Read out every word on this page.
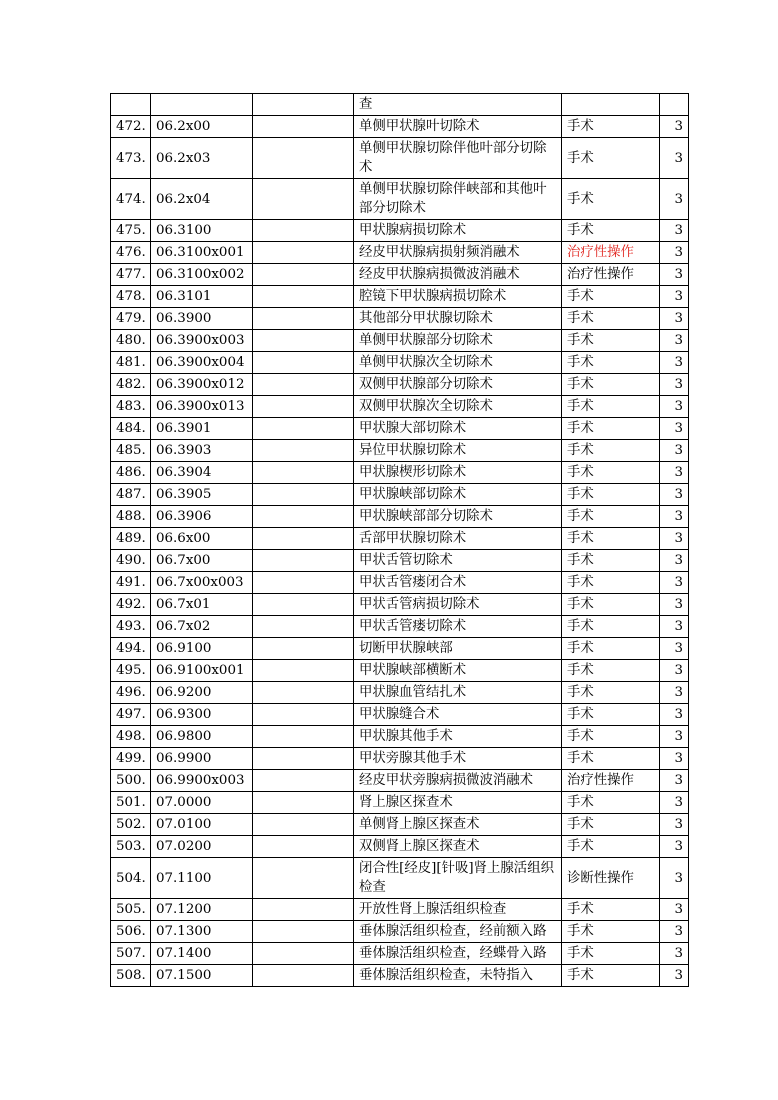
			查		
472.	06.2x00		单侧甲状腺叶切除术	手术	3
473.	06.2x03		单侧甲状腺切除伴他叶部分切除术	手术	3
474.	06.2x04		单侧甲状腺切除伴峡部和其他叶部分切除术	手术	3
475.	06.3100		甲状腺病损切除术	手术	3
476.	06.3100x001		经皮甲状腺病损射频消融术	治疗性操作	3
477.	06.3100x002		经皮甲状腺病损微波消融术	治疗性操作	3
478.	06.3101		腔镜下甲状腺病损切除术	手术	3
479.	06.3900		其他部分甲状腺切除术	手术	3
480.	06.3900x003		单侧甲状腺部分切除术	手术	3
481.	06.3900x004		单侧甲状腺次全切除术	手术	3
482.	06.3900x012		双侧甲状腺部分切除术	手术	3
483.	06.3900x013		双侧甲状腺次全切除术	手术	3
484.	06.3901		甲状腺大部切除术	手术	3
485.	06.3903		异位甲状腺切除术	手术	3
486.	06.3904		甲状腺楔形切除术	手术	3
487.	06.3905		甲状腺峡部切除术	手术	3
488.	06.3906		甲状腺峡部部分切除术	手术	3
489.	06.6x00		舌部甲状腺切除术	手术	3
490.	06.7x00		甲状舌管切除术	手术	3
491.	06.7x00x003		甲状舌管瘘闭合术	手术	3
492.	06.7x01		甲状舌管病损切除术	手术	3
493.	06.7x02		甲状舌管瘘切除术	手术	3
494.	06.9100		切断甲状腺峡部	手术	3
495.	06.9100x001		甲状腺峡部横断术	手术	3
496.	06.9200		甲状腺血管结扎术	手术	3
497.	06.9300		甲状腺缝合术	手术	3
498.	06.9800		甲状腺其他手术	手术	3
499.	06.9900		甲状旁腺其他手术	手术	3
500.	06.9900x003		经皮甲状旁腺病损微波消融术	治疗性操作	3
501.	07.0000		肾上腺区探查术	手术	3
502.	07.0100		单侧肾上腺区探查术	手术	3
503.	07.0200		双侧肾上腺区探查术	手术	3
504.	07.1100		闭合性[经皮][针吸]肾上腺活组织检查	诊断性操作	3
505.	07.1200		开放性肾上腺活组织检查	手术	3
506.	07.1300		垂体腺活组织检查，经前额入路	手术	3
507.	07.1400		垂体腺活组织检查，经蝶骨入路	手术	3
508.	07.1500		垂体腺活组织检查，未特指入	手术	3
